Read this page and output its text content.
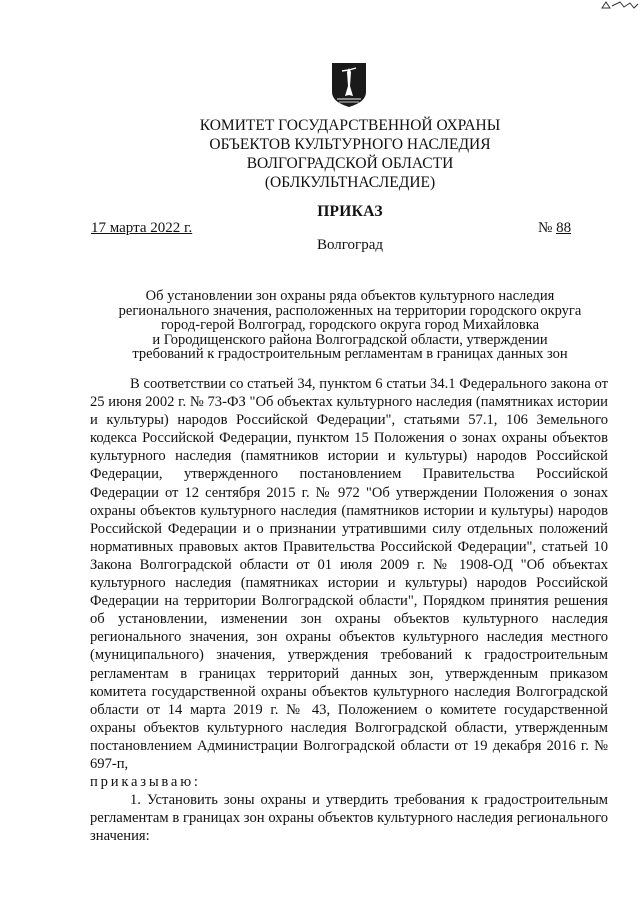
КОМИТЕТ ГОСУДАРСТВЕННОЙ ОХРАНЫ
ОБЪЕКТОВ КУЛЬТУРНОГО НАСЛЕДИЯ
ВОЛГОГРАДСКОЙ ОБЛАСТИ
(ОБЛКУЛЬТНАСЛЕДИЕ)
ПРИКАЗ
17 марта 2022 г.	№ 88
Волгоград
Об установлении зон охраны ряда объектов культурного наследия
регионального значения, расположенных на территории городского округа
город-герой Волгоград, городского округа город Михайловка
и Городищенского района Волгоградской области, утверждении
требований к градостроительным регламентам в границах данных зон

В соответствии со статьей 34, пунктом 6 статьи 34.1 Федерального закона от 25 июня 2002 г. № 73-ФЗ "Об объектах культурного наследия (памятниках истории и культуры) народов Российской Федерации", статьями 57.1, 106 Земельного кодекса Российской Федерации, пунктом 15 Положения о зонах охраны объектов культурного наследия (памятников истории и культуры) народов Российской Федерации, утвержденного постановлением Правительства Российской Федерации от 12 сентября 2015 г. № 972 "Об утверждении Положения о зонах охраны объектов культурного наследия (памятников истории и культуры) народов Российской Федерации и о признании утратившими силу отдельных положений нормативных правовых актов Правительства Российской Федерации", статьей 10 Закона Волгоградской области от 01 июля 2009 г. № 1908-ОД "Об объектах культурного наследия (памятниках истории и культуры) народов Российской Федерации на территории Волгоградской области", Порядком принятия решения об установлении, изменении зон охраны объектов культурного наследия регионального значения, зон охраны объектов культурного наследия местного (муниципального) значения, утверждения требований к градостроительным регламентам в границах территорий данных зон, утвержденным приказом комитета государственной охраны объектов культурного наследия Волгоградской области от 14 марта 2019 г. № 43, Положением о комитете государственной охраны объектов культурного наследия Волгоградской области, утвержденным постановлением Администрации Волгоградской области от 19 декабря 2016 г. № 697-п,

приказываю:

1. Установить зоны охраны и утвердить требования к градостроительным регламентам в границах зон охраны объектов культурного наследия регионального значения:
